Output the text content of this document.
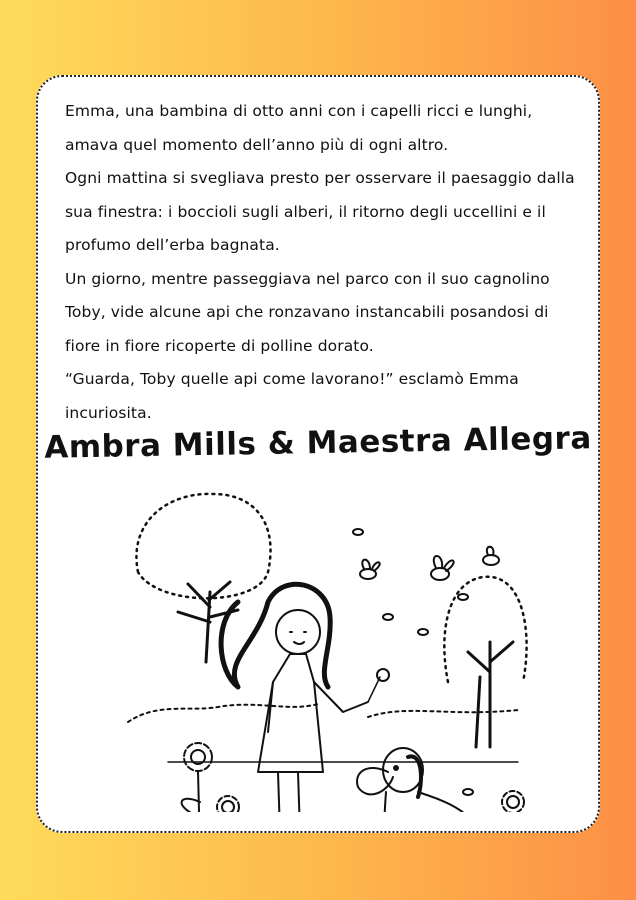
Emma, una bambina di otto anni con i capelli ricci e lunghi, amava quel momento dell’anno più di ogni altro.

Ogni mattina si svegliava presto per osservare il paesaggio dalla sua finestra: i boccioli sugli alberi, il ritorno degli uccellini e il profumo dell’erba bagnata.

Un giorno, mentre passeggiava nel parco con il suo cagnolino Toby, vide alcune api che ronzavano instancabili posandosi di fiore in fiore ricoperte di polline dorato.

“Guarda, Toby quelle api come lavorano!” esclamò Emma incuriosita.

Ambra Mills & Maestra Allegra
